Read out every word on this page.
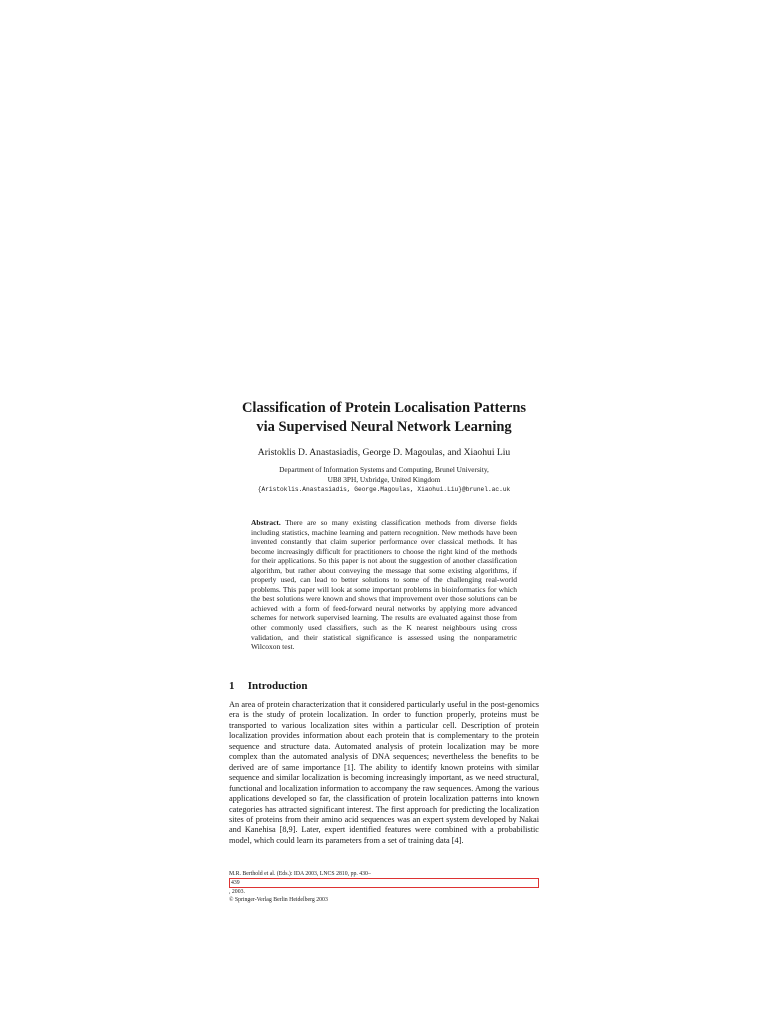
Classification of Protein Localisation Patterns
via Supervised Neural Network Learning
Aristoklis D. Anastasiadis, George D. Magoulas, and Xiaohui Liu
Department of Information Systems and Computing, Brunel University,
UB8 3PH, Uxbridge, United Kingdom
{Aristoklis.Anastasiadis, George.Magoulas, Xiaohui.Liu}@brunel.ac.uk
Abstract. There are so many existing classification methods from diverse fields including statistics, machine learning and pattern recognition. New methods have been invented constantly that claim superior performance over classical methods. It has become increasingly difficult for practitioners to choose the right kind of the methods for their applications. So this paper is not about the suggestion of another classification algorithm, but rather about conveying the message that some existing algorithms, if properly used, can lead to better solutions to some of the challenging real-world problems. This paper will look at some important problems in bioinformatics for which the best solutions were known and shows that improvement over those solutions can be achieved with a form of feed-forward neural networks by applying more advanced schemes for network supervised learning. The results are evaluated against those from other commonly used classifiers, such as the K nearest neighbours using cross validation, and their statistical significance is assessed using the nonparametric Wilcoxon test.
1 Introduction

An area of protein characterization that it considered particularly useful in the post-genomics era is the study of protein localization. In order to function properly, proteins must be transported to various localization sites within a particular cell. Description of protein localization provides information about each protein that is complementary to the protein sequence and structure data. Automated analysis of protein localization may be more complex than the automated analysis of DNA sequences; nevertheless the benefits to be derived are of same importance [1]. The ability to identify known proteins with similar sequence and similar localization is becoming increasingly important, as we need structural, functional and localization information to accompany the raw sequences. Among the various applications developed so far, the classification of protein localization patterns into known categories has attracted significant interest. The first approach for predicting the localization sites of proteins from their amino acid sequences was an expert system developed by Nakai and Kanehisa [8,9]. Later, expert identified features were combined with a probabilistic model, which could learn its parameters from a set of training data [4].

M.R. Berthold et al. (Eds.): IDA 2003, LNCS 2810, pp. 430–
439
, 2003.
© Springer-Verlag Berlin Heidelberg 2003
